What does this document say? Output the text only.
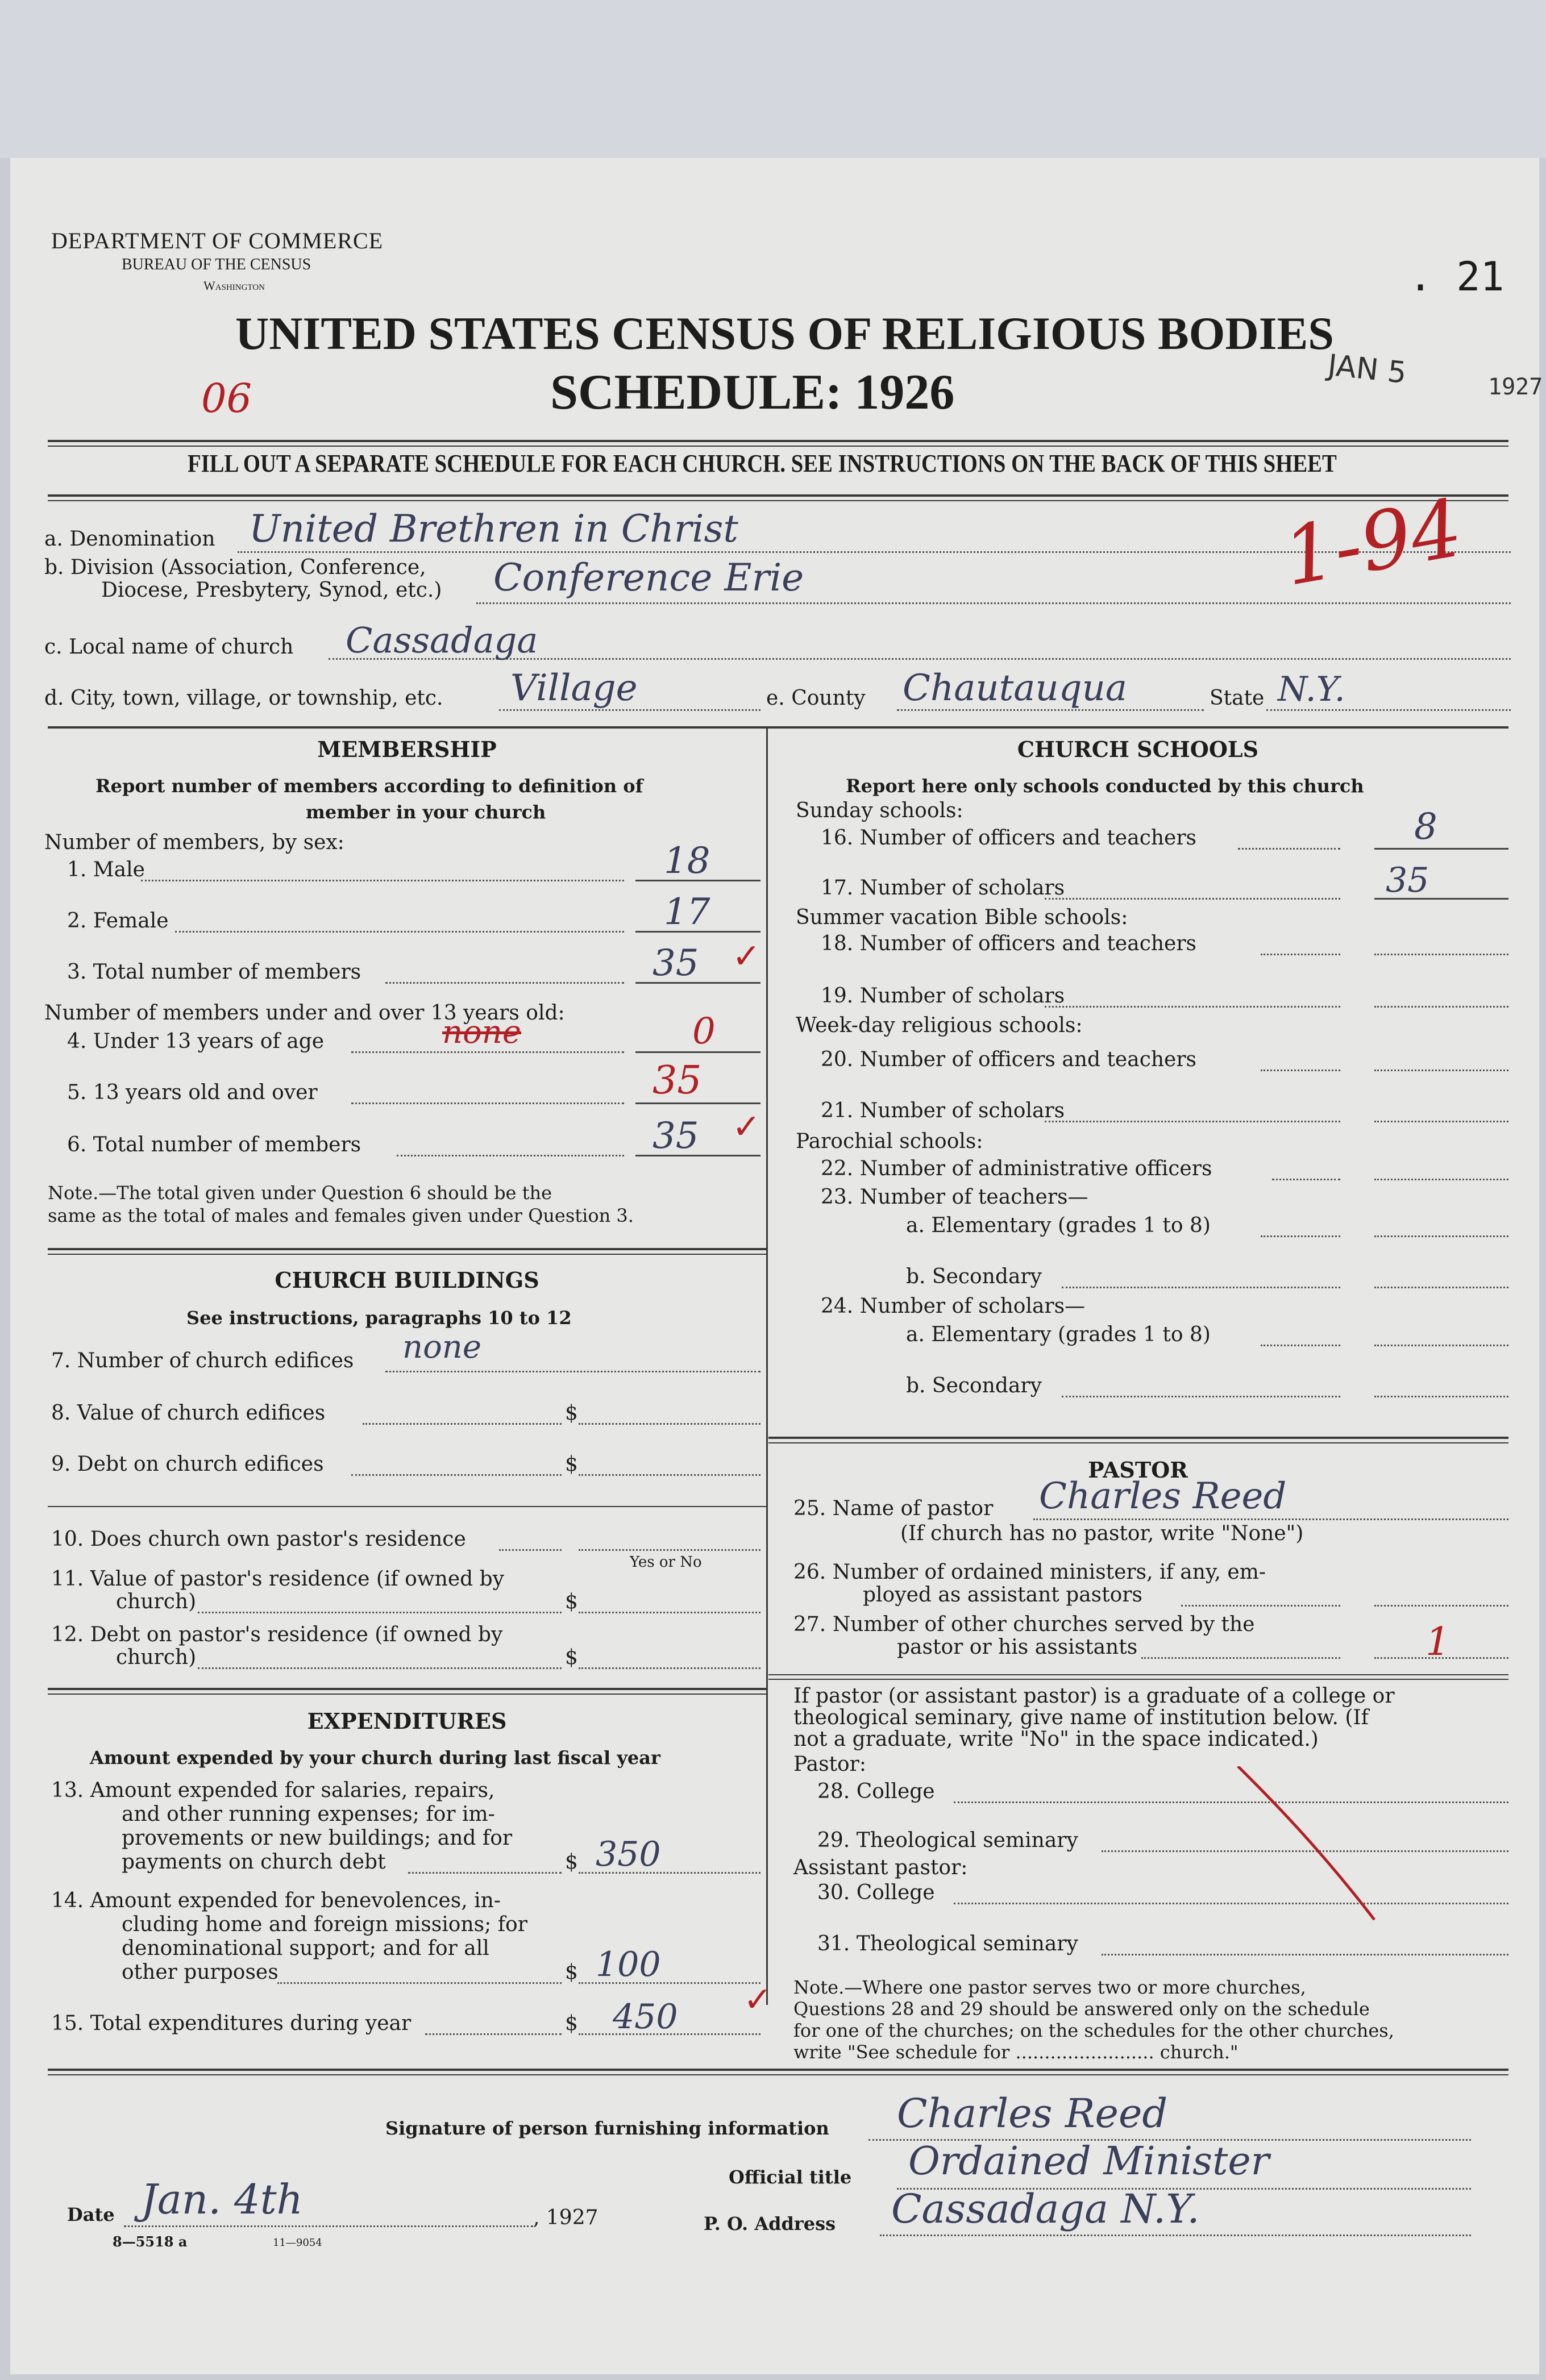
DEPARTMENT OF COMMERCE
BUREAU OF THE CENSUS
Washington
UNITED STATES CENSUS OF RELIGIOUS BODIES
SCHEDULE: 1926
06
. 21
JAN 5	1927
FILL OUT A SEPARATE SCHEDULE FOR EACH CHURCH. SEE INSTRUCTIONS ON THE BACK OF THIS SHEET
a. Denomination United Brethren in Christ	1-94
b. Division (Association, Conference,
Diocese, Presbytery, Synod, etc.) Conference Erie
c. Local name of church Cassadaga
d. City, town, village, or township, etc. Village	e. County Chautauqua	State N.Y.
MEMBERSHIP
Report number of members according to definition of
member in your church
Number of members, by sex:
1. Male	18
2. Female	17
3. Total number of members	35 ✓
Number of members under and over 13 years old:
4. Under 13 years of age	none	0
5. 13 years old and over	35
6. Total number of members	35 ✓
Note.—The total given under Question 6 should be the
same as the total of males and females given under Question 3.
CHURCH BUILDINGS
See instructions, paragraphs 10 to 12
7. Number of church edifices none
8. Value of church edifices	$
9. Debt on church edifices	$
10. Does church own pastor's residence
Yes or No
11. Value of pastor's residence (if owned by
church)	$
12. Debt on pastor's residence (if owned by
church)	$
EXPENDITURES
Amount expended by your church during last fiscal year
13. Amount expended for salaries, repairs,
and other running expenses; for im-
provements or new buildings; and for
payments on church debt	$ 350
14. Amount expended for benevolences, in-
cluding home and foreign missions; for
denominational support; and for all
other purposes	$ 100
15. Total expenditures during year	$ 450 ✓
CHURCH SCHOOLS
Report here only schools conducted by this church
Sunday schools:
16. Number of officers and teachers	8
17. Number of scholars	35
Summer vacation Bible schools:
18. Number of officers and teachers
19. Number of scholars
Week-day religious schools:
20. Number of officers and teachers
21. Number of scholars
Parochial schools:
22. Number of administrative officers
23. Number of teachers—
a. Elementary (grades 1 to 8)
b. Secondary
24. Number of scholars—
a. Elementary (grades 1 to 8)
b. Secondary
PASTOR
25. Name of pastor Charles Reed
(If church has no pastor, write "None")
26. Number of ordained ministers, if any, em-
ployed as assistant pastors
27. Number of other churches served by the
pastor or his assistants	1
If pastor (or assistant pastor) is a graduate of a college or
theological seminary, give name of institution below. (If
not a graduate, write "No" in the space indicated.)
Pastor:
28. College
29. Theological seminary
Assistant pastor:
30. College
31. Theological seminary
Note.—Where one pastor serves two or more churches,
Questions 28 and 29 should be answered only on the schedule
for one of the churches; on the schedules for the other churches,
write "See schedule for ........................ church."
Signature of person furnishing information Charles Reed
Official title Ordained Minister
Date Jan. 4th	, 1927	P. O. Address Cassadaga N.Y.
8—5518 a	11—9054
